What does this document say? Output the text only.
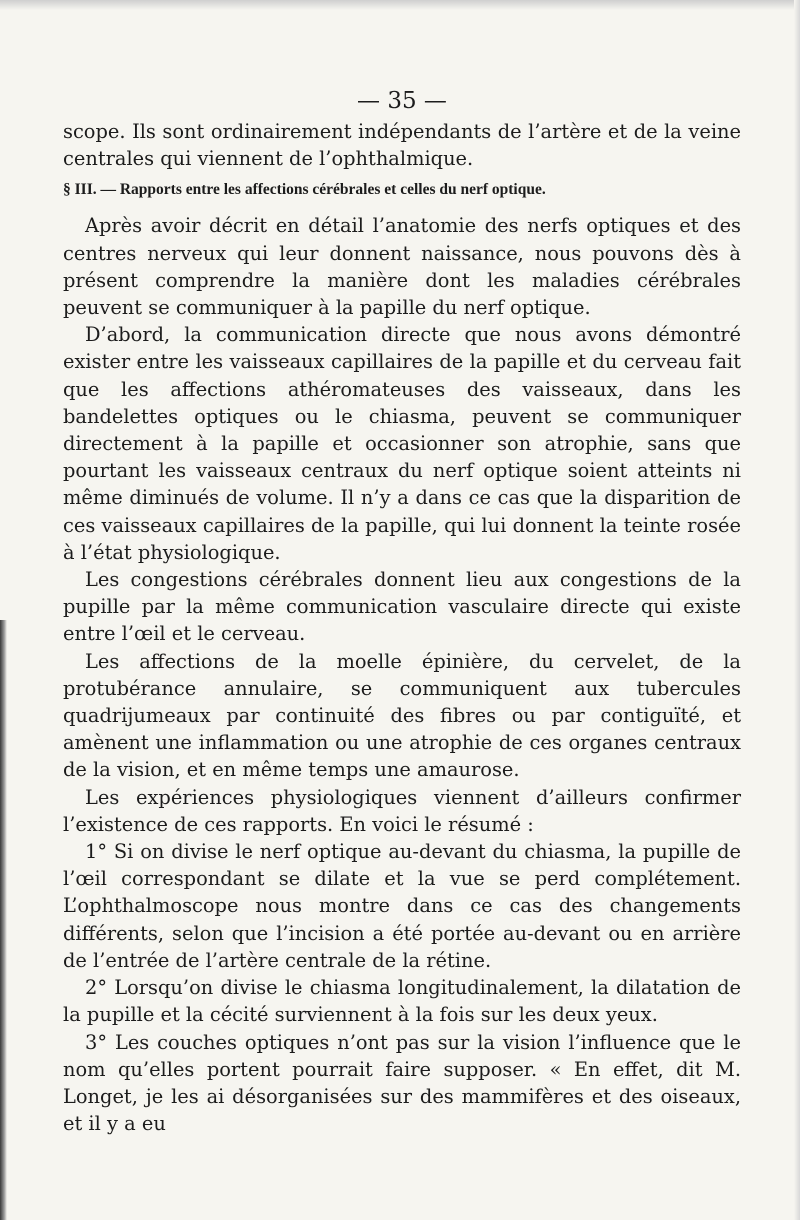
— 35 —

scope. Ils sont ordinairement indépendants de l’artère et de la veine centrales qui viennent de l’ophthalmique.

§ III. — Rapports entre les affections cérébrales et celles du nerf optique.

Après avoir décrit en détail l’anatomie des nerfs optiques et des centres nerveux qui leur donnent naissance, nous pouvons dès à présent comprendre la manière dont les maladies cérébrales peuvent se communiquer à la papille du nerf optique.

D’abord, la communication directe que nous avons démontré exister entre les vaisseaux capillaires de la papille et du cerveau fait que les affections athéromateuses des vaisseaux, dans les bandelettes optiques ou le chiasma, peuvent se communiquer directement à la papille et occasionner son atrophie, sans que pourtant les vaisseaux centraux du nerf optique soient atteints ni même diminués de volume. Il n’y a dans ce cas que la disparition de ces vaisseaux capillaires de la papille, qui lui donnent la teinte rosée à l’état physiologique.

Les congestions cérébrales donnent lieu aux congestions de la pupille par la même communication vasculaire directe qui existe entre l’œil et le cerveau.

Les affections de la moelle épinière, du cervelet, de la protubérance annulaire, se communiquent aux tubercules quadrijumeaux par continuité des fibres ou par contiguïté, et amènent une inflammation ou une atrophie de ces organes centraux de la vision, et en même temps une amaurose.

Les expériences physiologiques viennent d’ailleurs confirmer l’existence de ces rapports. En voici le résumé :

1° Si on divise le nerf optique au-devant du chiasma, la pupille de l’œil correspondant se dilate et la vue se perd complétement. L’ophthalmoscope nous montre dans ce cas des changements différents, selon que l’incision a été portée au-devant ou en arrière de l’entrée de l’artère centrale de la rétine.

2° Lorsqu’on divise le chiasma longitudinalement, la dilatation de la pupille et la cécité surviennent à la fois sur les deux yeux.

3° Les couches optiques n’ont pas sur la vision l’influence que le nom qu’elles portent pourrait faire supposer. « En effet, dit M. Longet, je les ai désorganisées sur des mammifères et des oiseaux, et il y a eu
